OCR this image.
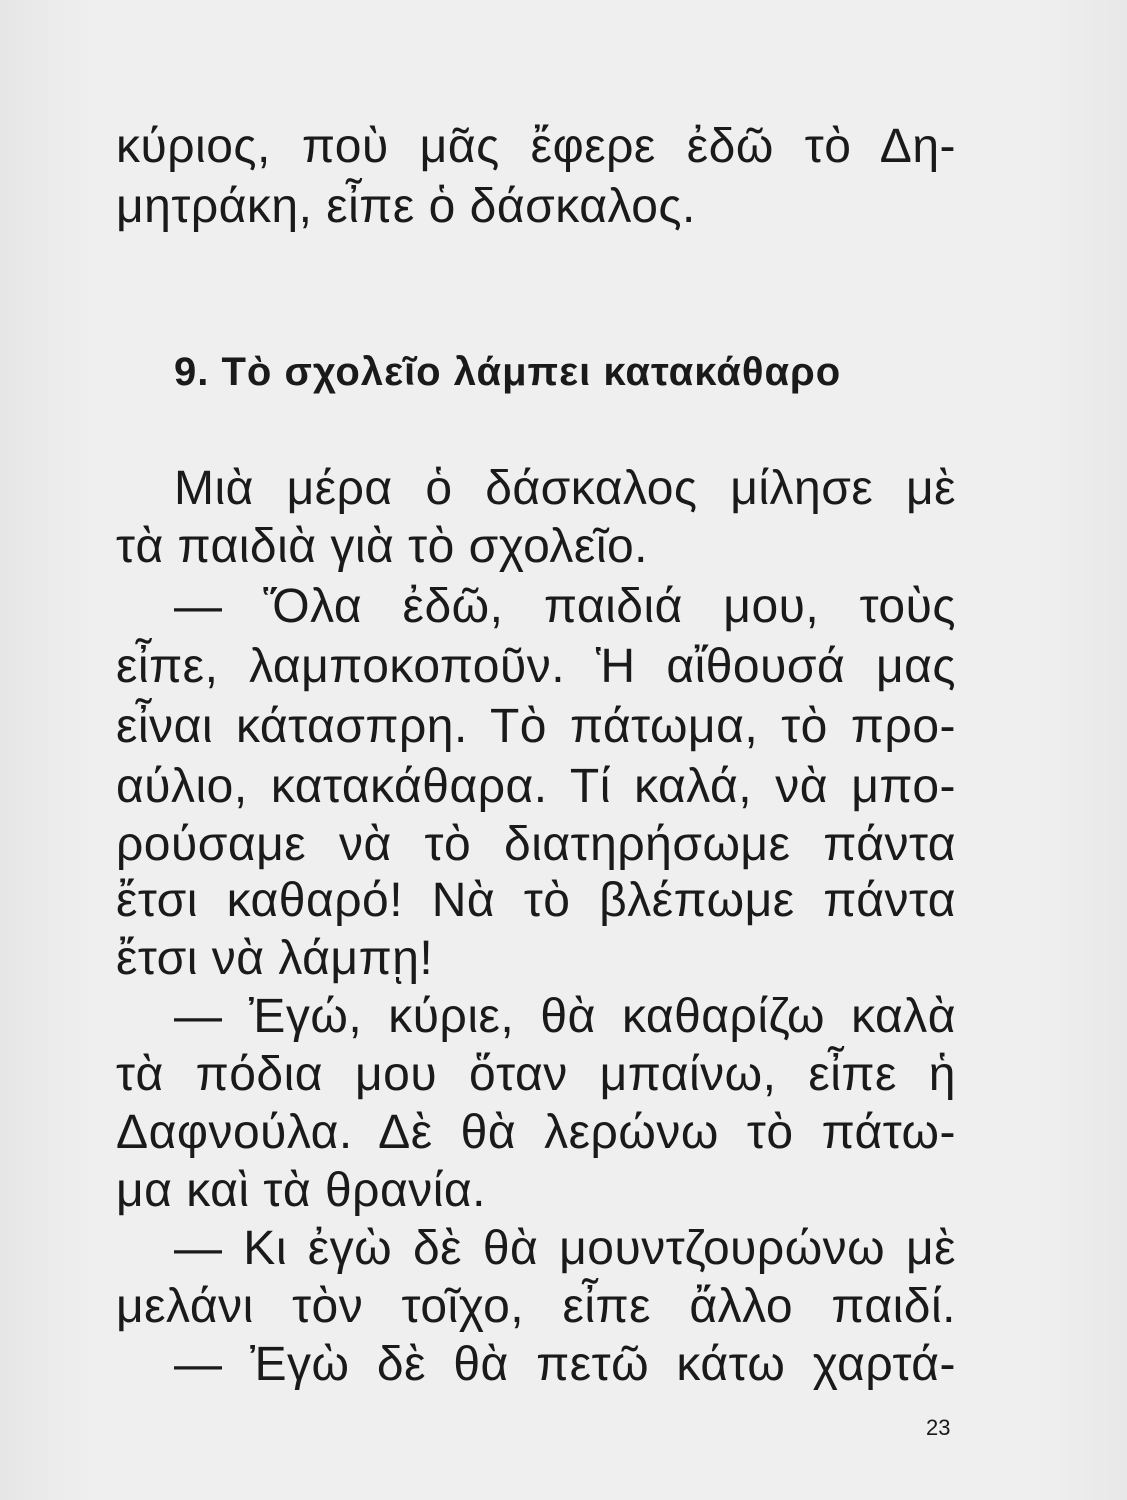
κύριος, ποὺ μᾶς ἔφερε ἐδῶ τὸ Δη-
μητράκη, εἶπε ὁ δάσκαλος.
9. Τὸ σχολεῖο λάμπει κατακάθαρο
Μιὰ μέρα ὁ δάσκαλος μίλησε μὲ
τὰ παιδιὰ γιὰ τὸ σχολεῖο.
— Ὅλα ἐδῶ, παιδιά μου, τοὺς
εἶπε, λαμποκοποῦν. Ἡ αἴθουσά μας
εἶναι κάτασπρη. Τὸ πάτωμα, τὸ προ-
αύλιο, κατακάθαρα. Τί καλά, νὰ μπο-
ρούσαμε νὰ τὸ διατηρήσωμε πάντα
ἔτσι καθαρό! Νὰ τὸ βλέπωμε πάντα
ἔτσι νὰ λάμπῃ!
— Ἐγώ, κύριε, θὰ καθαρίζω καλὰ
τὰ πόδια μου ὅταν μπαίνω, εἶπε ἡ
Δαφνούλα. Δὲ θὰ λερώνω τὸ πάτω-
μα καὶ τὰ θρανία.
— Κι ἐγὼ δὲ θὰ μουντζουρώνω μὲ
μελάνι τὸν τοῖχο, εἶπε ἄλλο παιδί.
— Ἐγὼ δὲ θὰ πετῶ κάτω χαρτά-
23
